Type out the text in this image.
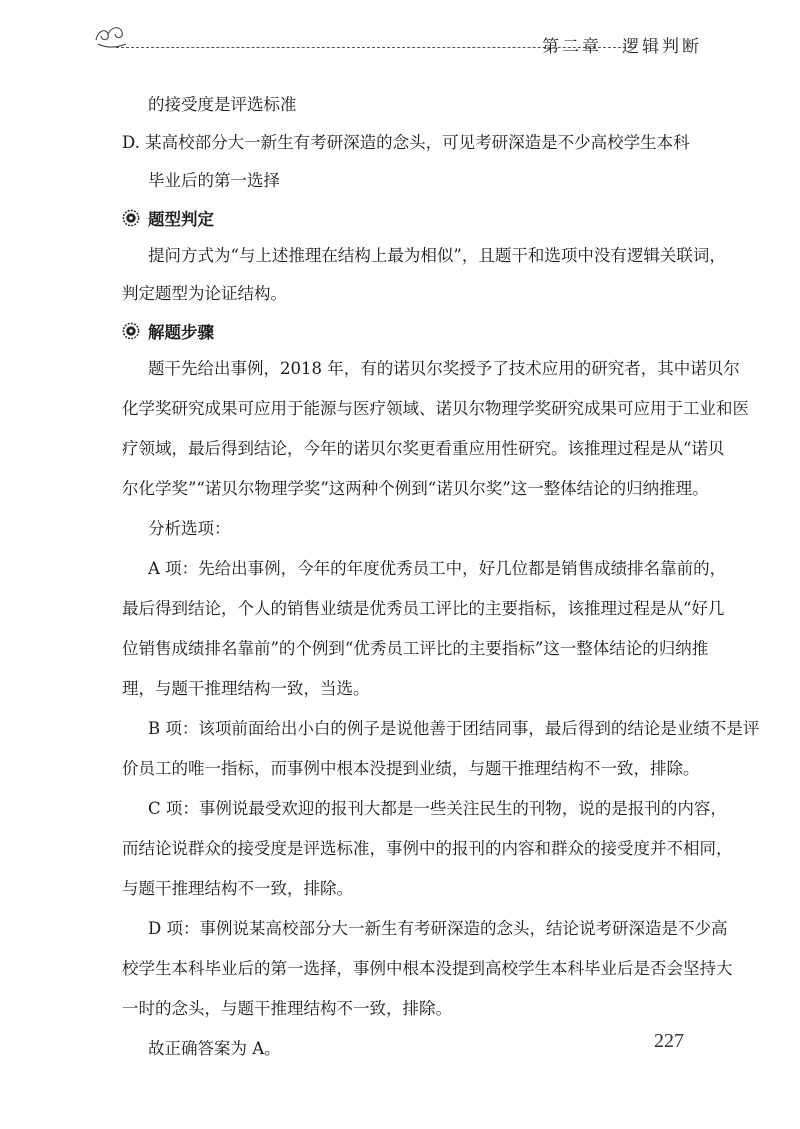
第二章　逻辑判断

的接受度是评选标准

D. 某高校部分大一新生有考研深造的念头，可见考研深造是不少高校学生本科

毕业后的第一选择

题型判定

提问方式为“与上述推理在结构上最为相似”，且题干和选项中没有逻辑关联词，

判定题型为论证结构。

解题步骤

题干先给出事例，2018 年，有的诺贝尔奖授予了技术应用的研究者，其中诺贝尔

化学奖研究成果可应用于能源与医疗领域、诺贝尔物理学奖研究成果可应用于工业和医

疗领域，最后得到结论，今年的诺贝尔奖更看重应用性研究。该推理过程是从“诺贝

尔化学奖”“诺贝尔物理学奖”这两种个例到“诺贝尔奖”这一整体结论的归纳推理。

分析选项：

A 项：先给出事例，今年的年度优秀员工中，好几位都是销售成绩排名靠前的，

最后得到结论，个人的销售业绩是优秀员工评比的主要指标，该推理过程是从“好几

位销售成绩排名靠前”的个例到“优秀员工评比的主要指标”这一整体结论的归纳推

理，与题干推理结构一致，当选。

B 项：该项前面给出小白的例子是说他善于团结同事，最后得到的结论是业绩不是评

价员工的唯一指标，而事例中根本没提到业绩，与题干推理结构不一致，排除。

C 项：事例说最受欢迎的报刊大都是一些关注民生的刊物，说的是报刊的内容，

而结论说群众的接受度是评选标准，事例中的报刊的内容和群众的接受度并不相同，

与题干推理结构不一致，排除。

D 项：事例说某高校部分大一新生有考研深造的念头，结论说考研深造是不少高

校学生本科毕业后的第一选择，事例中根本没提到高校学生本科毕业后是否会坚持大

一时的念头，与题干推理结构不一致，排除。

故正确答案为 A。	227
